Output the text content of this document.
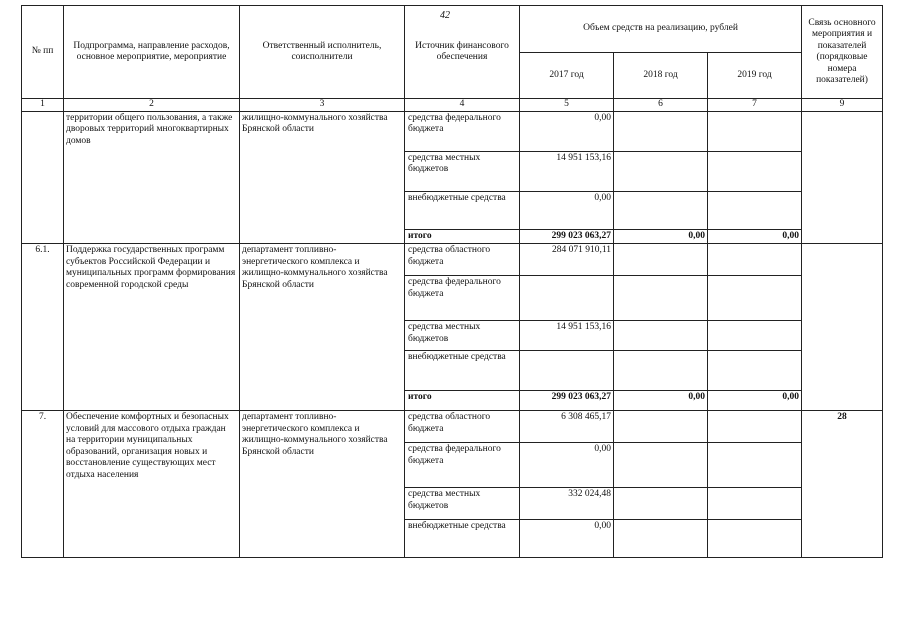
42
№ пп	Подпрограмма, направление расходов, основное мероприятие, мероприятие	Ответственный исполнитель, соисполнители	Источник финансового обеспечения	Объем средств на реализацию, рублей			Связь основного мероприятия и показателей (порядковые номера показателей)
				2017 год	2018 год	2019 год	
1	2	3	4	5	6	7	9
	территории общего пользования, а также дворовых территорий многоквартирных домов	жилищно-коммунального хозяйства Брянской области	средства федерального бюджета	0,00			
			средства местных бюджетов	14 951 153,16			
			внебюджетные средства	0,00			
			итого	299 023 063,27	0,00	0,00	
6.1.	Поддержка государственных программ субъектов Российской Федерации и муниципальных программ формирования современной городской среды	департамент топливно-энергетического комплекса и жилищно-коммунального хозяйства Брянской области	средства областного бюджета	284 071 910,11			
			средства федерального бюджета				
			средства местных бюджетов	14 951 153,16			
			внебюджетные средства				
			итого	299 023 063,27	0,00	0,00	
7.	Обеспечение комфортных и безопасных условий для массового отдыха граждан на территории муниципальных образований, организация новых и восстановление существующих мест отдыха населения	департамент топливно-энергетического комплекса и жилищно-коммунального хозяйства Брянской области	средства областного бюджета	6 308 465,17			28
			средства федерального бюджета	0,00			
			средства местных бюджетов	332 024,48			
			внебюджетные средства	0,00			
